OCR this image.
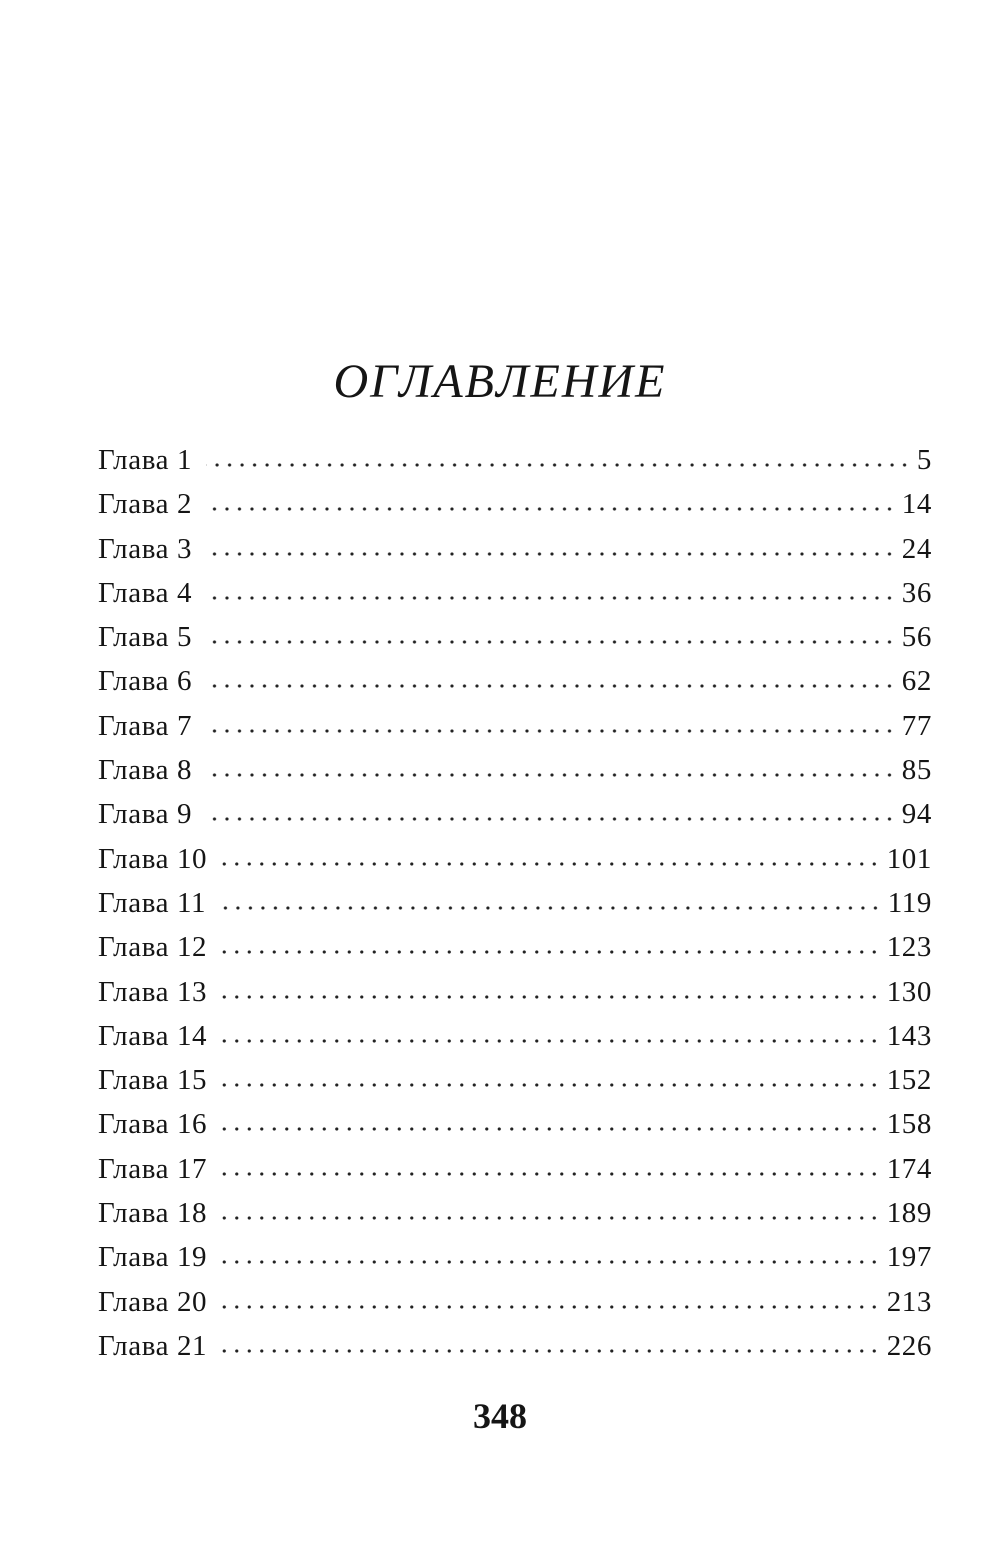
ОГЛАВЛЕНИЕ
Глава 1	5
Глава 2	14
Глава 3	24
Глава 4	36
Глава 5	56
Глава 6	62
Глава 7	77
Глава 8	85
Глава 9	94
Глава 10	101
Глава 11	119
Глава 12	123
Глава 13	130
Глава 14	143
Глава 15	152
Глава 16	158
Глава 17	174
Глава 18	189
Глава 19	197
Глава 20	213
Глава 21	226
348
